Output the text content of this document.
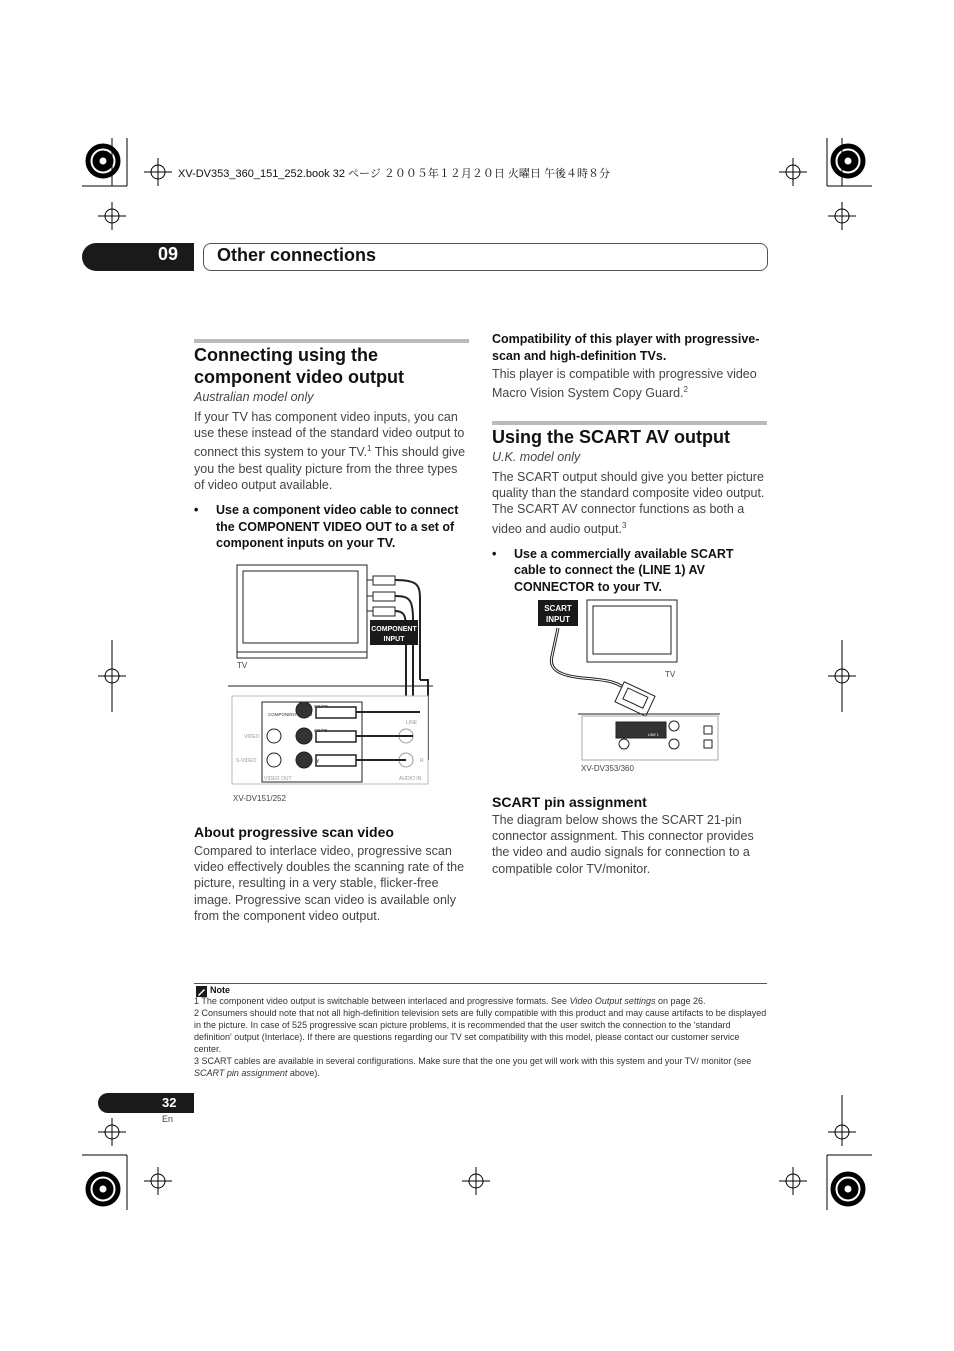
XV-DV353_360_151_252.book 32 ページ ２００５年１２月２０日 火曜日 午後４時８分
09 Other connections
Connecting using the
component video output
Australian model only
If your TV has component video inputs, you can use these instead of the standard video output to connect this system to your TV.$^1$ This should give you the best quality picture from the three types of video output available.
•	Use a component video cable to connect the COMPONENT VIDEO OUT to a set of component inputs on your TV.
COMPONENT
INPUT
TV
COMPONENT VIDEO
VIDEO
S-VIDEO
VIDEO OUT
CR/PR
CB/PB
Y
LINE
AUDIO IN
R
XV-DV151/252
About progressive scan video
Compared to interlace video, progressive scan video effectively doubles the scanning rate of the picture, resulting in a very stable, flicker-free image. Progressive scan video is available only from the component video output.
Compatibility of this player with progressive-scan and high-definition TVs.
This player is compatible with progressive video Macro Vision System Copy Guard.$^2$
Using the SCART AV output
U.K. model only
The SCART output should give you better picture quality than the standard composite video output. The SCART AV connector functions as both a video and audio output.$^3$
•	Use a commercially available SCART cable to connect the (LINE 1) AV CONNECTOR to your TV.
SCART
INPUT
TV
LINE 1
XV-DV353/360
SCART pin assignment
The diagram below shows the SCART 21-pin connector assignment. This connector provides the video and audio signals for connection to a compatible color TV/monitor.
Note
1 The component video output is switchable between interlaced and progressive formats. See Video Output settings on page 26.
2 Consumers should note that not all high-definition television sets are fully compatible with this product and may cause artifacts to be displayed in the picture. In case of 525 progressive scan picture problems, it is recommended that the user switch the connection to the 'standard definition' output (Interlace). If there are questions regarding our TV set compatibility with this model, please contact our customer service center.
3 SCART cables are available in several configurations. Make sure that the one you get will work with this system and your TV/ monitor (see SCART pin assignment above).
32
En
